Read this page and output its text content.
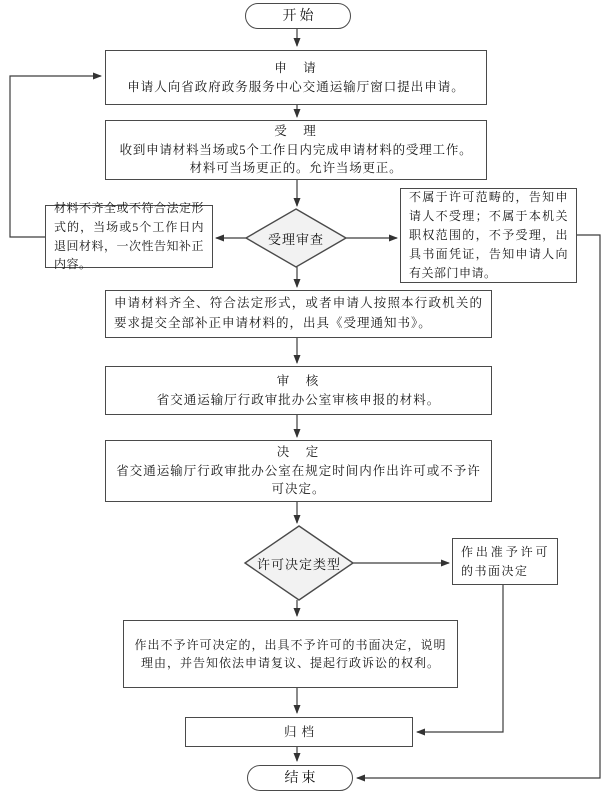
开始
申　请
申请人向省政府政务服务中心交通运输厅窗口提出申请。
受　理
收到申请材料当场或5个工作日内完成申请材料的受理工作。材料可当场更正的。允许当场更正。
材料不齐全或不符合法定形式的，当场或5个工作日内退回材料，一次性告知补正内容。
受理审查
不属于许可范畴的，告知申请人不受理；不属于本机关职权范围的，不予受理，出具书面凭证，告知申请人向有关部门申请。
申请材料齐全、符合法定形式，或者申请人按照本行政机关的要求提交全部补正申请材料的，出具《受理通知书》。
审　核
省交通运输厅行政审批办公室审核申报的材料。
决　定
省交通运输厅行政审批办公室在规定时间内作出许可或不予许可决定。
许可决定类型
作出准予许可的书面决定
作出不予许可决定的，出具不予许可的书面决定，说明理由，并告知依法申请复议、提起行政诉讼的权利。
归档
结束
